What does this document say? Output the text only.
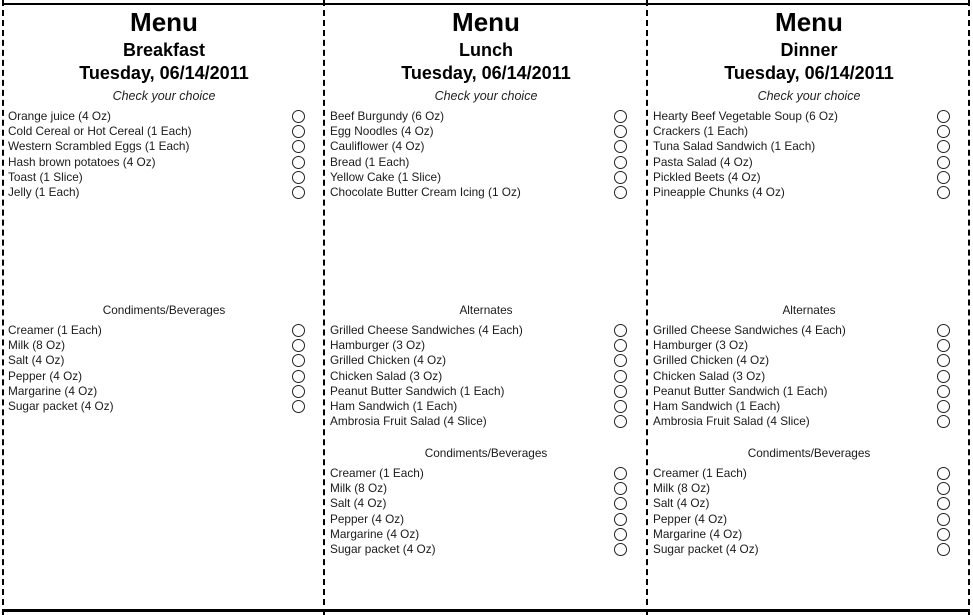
Menu
Breakfast
Tuesday, 06/14/2011
Check your choice
Orange juice (4 Oz)
Cold Cereal or Hot Cereal (1 Each)
Western Scrambled Eggs (1 Each)
Hash brown potatoes (4 Oz)
Toast (1 Slice)
Jelly (1 Each)
Condiments/Beverages
Creamer (1 Each)
Milk (8 Oz)
Salt (4 Oz)
Pepper (4 Oz)
Margarine (4 Oz)
Sugar packet (4 Oz)
Menu
Lunch
Tuesday, 06/14/2011
Check your choice
Beef Burgundy (6 Oz)
Egg Noodles (4 Oz)
Cauliflower (4 Oz)
Bread (1 Each)
Yellow Cake (1 Slice)
Chocolate Butter Cream Icing (1 Oz)
Alternates
Grilled Cheese Sandwiches (4 Each)
Hamburger (3 Oz)
Grilled Chicken (4 Oz)
Chicken Salad (3 Oz)
Peanut Butter Sandwich (1 Each)
Ham Sandwich (1 Each)
Ambrosia Fruit Salad (4 Slice)
Condiments/Beverages
Creamer (1 Each)
Milk (8 Oz)
Salt (4 Oz)
Pepper (4 Oz)
Margarine (4 Oz)
Sugar packet (4 Oz)
Menu
Dinner
Tuesday, 06/14/2011
Check your choice
Hearty Beef Vegetable Soup (6 Oz)
Crackers (1 Each)
Tuna Salad Sandwich (1 Each)
Pasta Salad (4 Oz)
Pickled Beets (4 Oz)
Pineapple Chunks (4 Oz)
Alternates
Grilled Cheese Sandwiches (4 Each)
Hamburger (3 Oz)
Grilled Chicken (4 Oz)
Chicken Salad (3 Oz)
Peanut Butter Sandwich (1 Each)
Ham Sandwich (1 Each)
Ambrosia Fruit Salad (4 Slice)
Condiments/Beverages
Creamer (1 Each)
Milk (8 Oz)
Salt (4 Oz)
Pepper (4 Oz)
Margarine (4 Oz)
Sugar packet (4 Oz)
